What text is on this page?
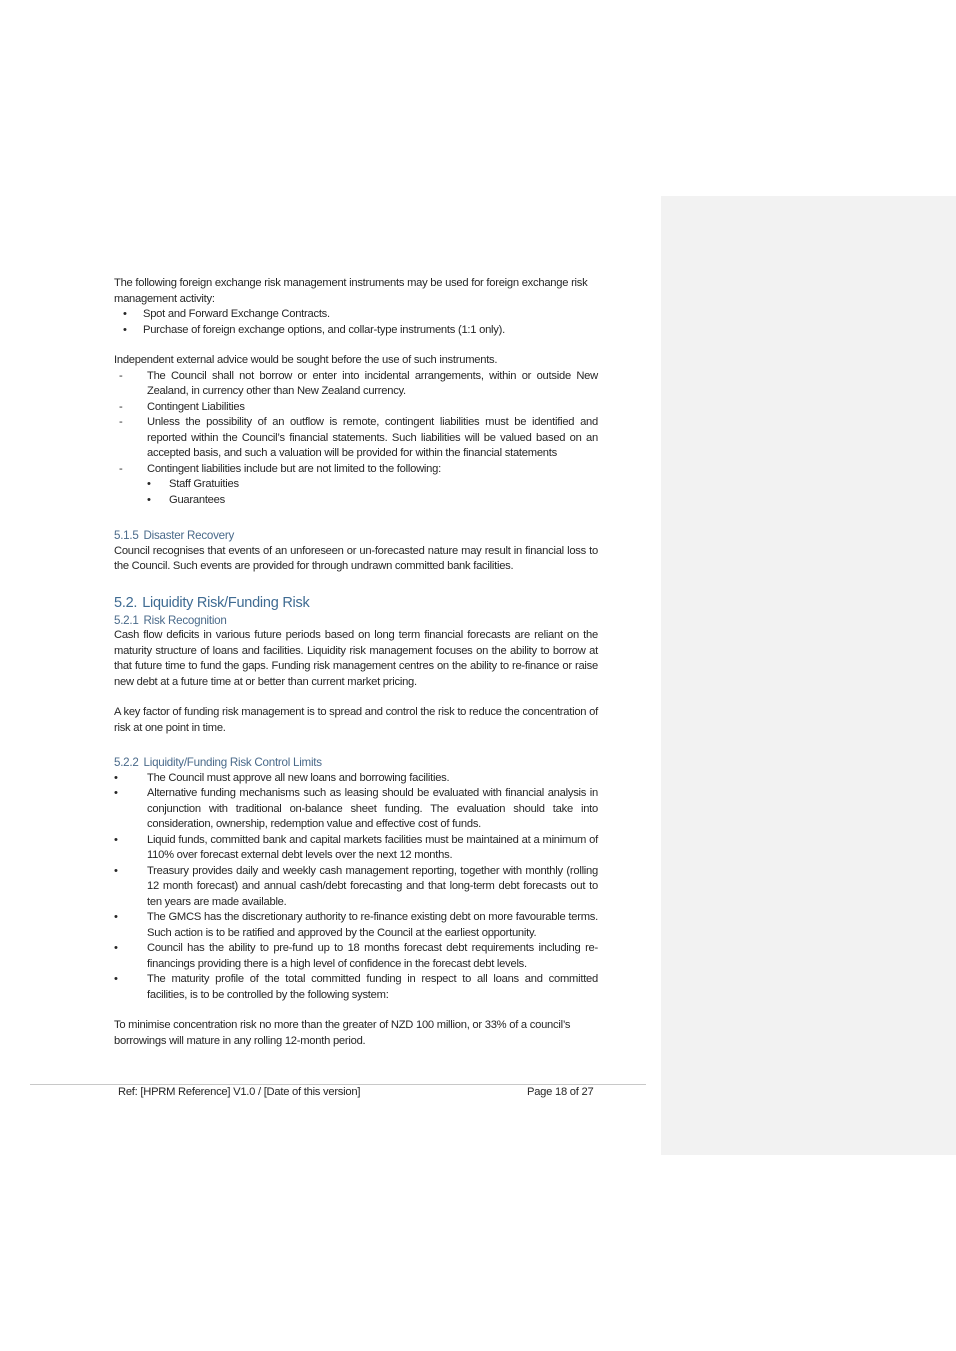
The following foreign exchange risk management instruments may be used for foreign exchange risk management activity:

• Spot and Forward Exchange Contracts.
• Purchase of foreign exchange options, and collar-type instruments (1:1 only).

Independent external advice would be sought before the use of such instruments.

- The Council shall not borrow or enter into incidental arrangements, within or outside New Zealand, in currency other than New Zealand currency.
- Contingent Liabilities
- Unless the possibility of an outflow is remote, contingent liabilities must be identified and reported within the Council’s financial statements. Such liabilities will be valued based on an accepted basis, and such a valuation will be provided for within the financial statements
- Contingent liabilities include but are not limited to the following:
• Staff Gratuities
• Guarantees

5.1.5 Disaster Recovery

Council recognises that events of an unforeseen or un-forecasted nature may result in financial loss to the Council. Such events are provided for through undrawn committed bank facilities.

5.2. Liquidity Risk/Funding Risk

5.2.1 Risk Recognition

Cash flow deficits in various future periods based on long term financial forecasts are reliant on the maturity structure of loans and facilities. Liquidity risk management focuses on the ability to borrow at that future time to fund the gaps. Funding risk management centres on the ability to re-finance or raise new debt at a future time at or better than current market pricing.

A key factor of funding risk management is to spread and control the risk to reduce the concentration of risk at one point in time.

5.2.2 Liquidity/Funding Risk Control Limits

•	The Council must approve all new loans and borrowing facilities.
•	Alternative funding mechanisms such as leasing should be evaluated with financial analysis in conjunction with traditional on-balance sheet funding. The evaluation should take into consideration, ownership, redemption value and effective cost of funds.
•	Liquid funds, committed bank and capital markets facilities must be maintained at a minimum of 110% over forecast external debt levels over the next 12 months.
•	Treasury provides daily and weekly cash management reporting, together with monthly (rolling 12 month forecast) and annual cash/debt forecasting and that long-term debt forecasts out to ten years are made available.
•	The GMCS has the discretionary authority to re-finance existing debt on more favourable terms. Such action is to be ratified and approved by the Council at the earliest opportunity.
•	Council has the ability to pre-fund up to 18 months forecast debt requirements including re-financings providing there is a high level of confidence in the forecast debt levels.
•	The maturity profile of the total committed funding in respect to all loans and committed facilities, is to be controlled by the following system:

To minimise concentration risk no more than the greater of NZD 100 million, or 33% of a council’s borrowings will mature in any rolling 12-month period.

Ref: [HPRM Reference] V1.0 / [Date of this version]	Page 18 of 27
